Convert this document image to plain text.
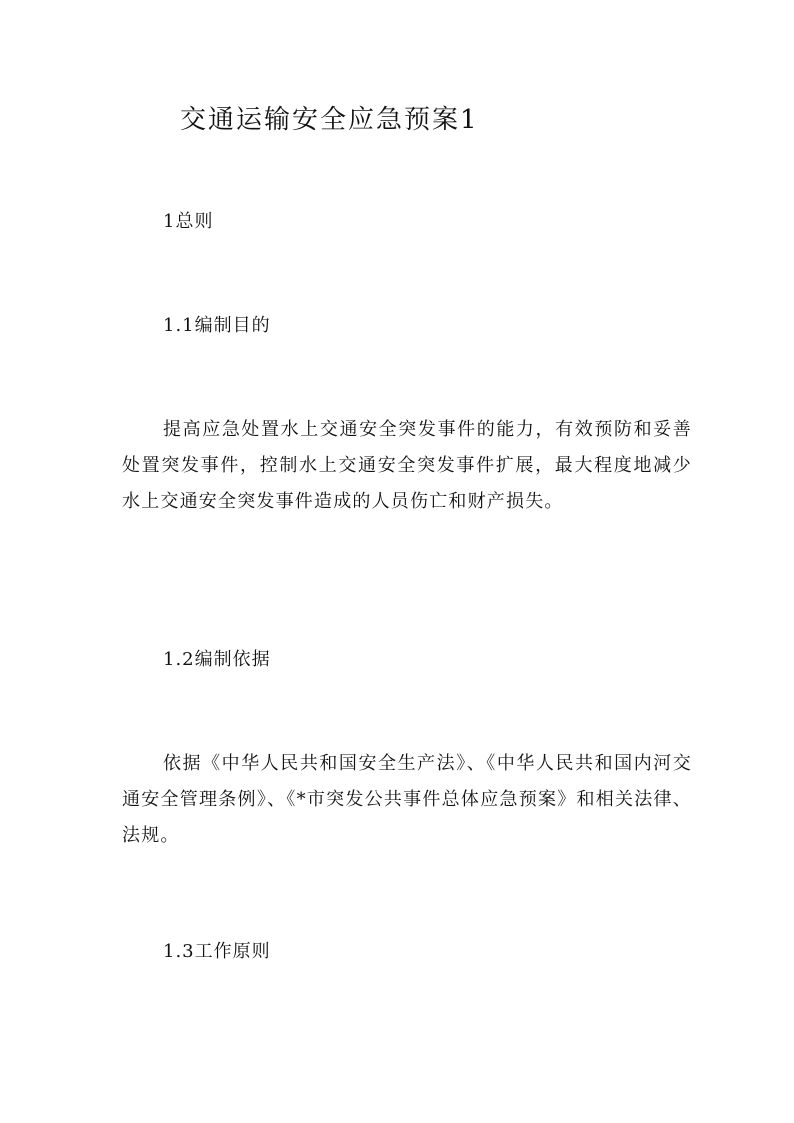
交通运输安全应急预案1
1总则
1.1编制目的
提高应急处置水上交通安全突发事件的能力，有效预防和妥善处置突发事件，控制水上交通安全突发事件扩展，最大程度地减少水上交通安全突发事件造成的人员伤亡和财产损失。
1.2编制依据
依据《中华人民共和国安全生产法》、《中华人民共和国内河交通安全管理条例》、《*市突发公共事件总体应急预案》和相关法律、法规。
1.3工作原则
